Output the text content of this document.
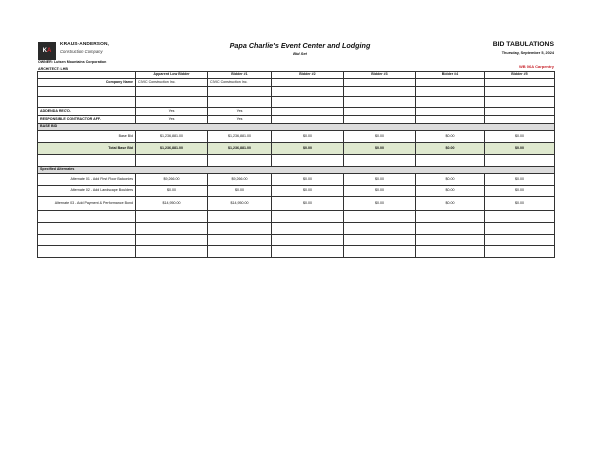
K A
KRAUS-ANDERSON,
Construction Company
OWNER: Lutsen Mountains Corporation
ARCHITECT: LHB
Papa Charlie's Event Center and Lodging
Bid Set
BID TABULATIONS
Thursday, September 5, 2024
WB 06A Carpentry
	Apparent Low Bidder	Bidder #1	Bidder #2	Bidder #3	Bidder #4	Bidder #5
Company Name	CIVIC Construction Inc.	CIVIC Construction Inc.				

ADDENDA REC'D.	Yes	Yes				
RESPONSIBLE CONTRACTOR AFF.	Yes	Yes				
BASE BID						
Base Bid	$1,236,881.00	$1,236,881.00	$0.00	$0.00	$0.00	$0.00
Total Base Bid	$1,236,881.00	$1,236,881.00	$0.00	$0.00	$0.00	$0.00

Specified Alternates						
Alternate 01 - Add First Floor Balconies	$9,266.00	$9,266.00	$0.00	$0.00	$0.00	$0.00
Alternate 02 - Add Landscape Boulders	$0.00	$0.00	$0.00	$0.00	$0.00	$0.00
Alternate 03 - Add Payment & Performance Bond	$14,950.00	$14,950.00	$0.00	$0.00	$0.00	$0.00
